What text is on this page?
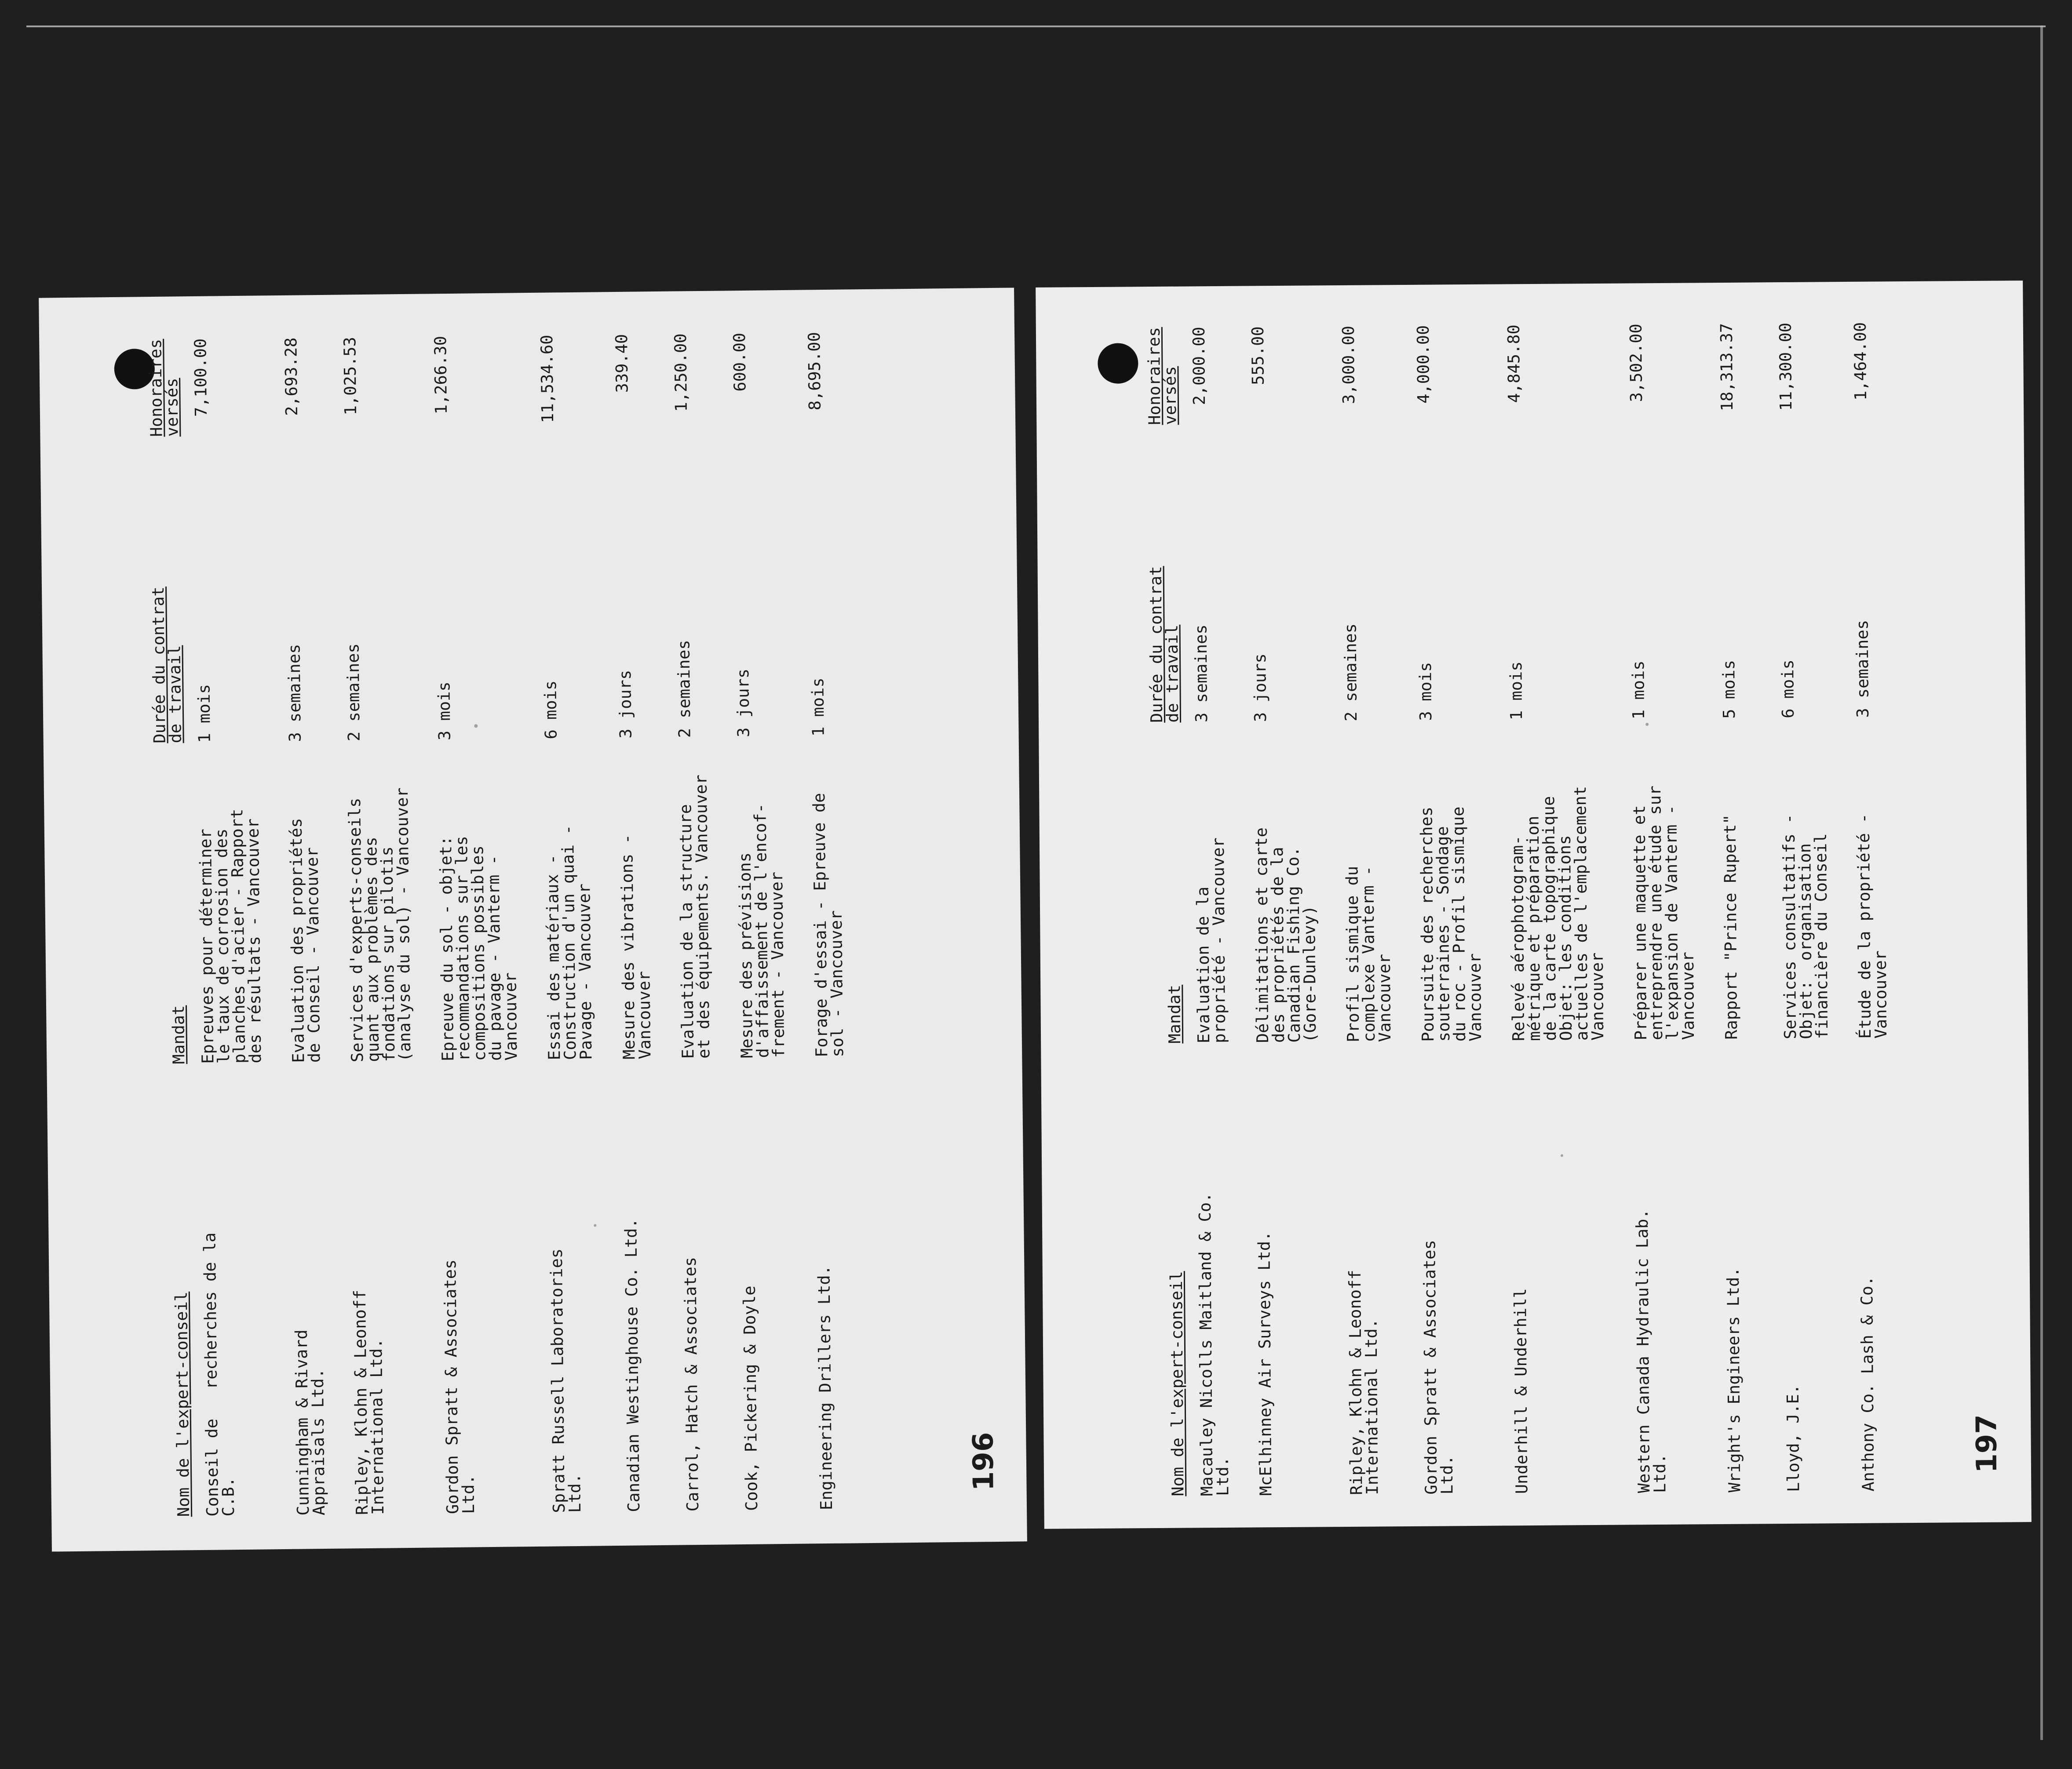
Nom de l'expert-conseil
Mandat
Durée du contrat
de travail
Honoraires
versés
Conseil de   recherches de la
C.B.
Epreuves pour déterminer
le taux de corrosion des
planches d'acier - Rapport
des résultats - Vancouver
1 mois
7,100.00
Cunningham & Rivard
Appraisals Ltd.
Evaluation des propriétés
de Conseil - Vancouver
3 semaines
2,693.28
Ripley, Klohn & Leonoff
International Ltd.
Services d'experts-conseils
quant aux problèmes des
fondations sur pilotis
(analyse du sol) - Vancouver
2 semaines
1,025.53
Gordon Spratt & Associates
Ltd.
Epreuve du sol - objet:
recommandations sur les
compositions possibles
du pavage - Vanterm -
Vancouver
3 mois
1,266.30
Spratt Russell Laboratories
Ltd.
Essai des matériaux -
Construction d'un quai -
Pavage - Vancouver
6 mois
11,534.60
Canadian Westinghouse Co. Ltd.
Mesure des vibrations -
Vancouver
3 jours
339.40
Carrol, Hatch & Associates
Evaluation de la structure
et des équipements. Vancouver
2 semaines
1,250.00
Cook, Pickering & Doyle
Mesure des prévisions
d'affaissement de l'encof-
frement - Vancouver
3 jours
600.00
Engineering Drillers Ltd.
Forage d'essai - Epreuve de
sol - Vancouver
1 mois
8,695.00
196	Nom de l'expert-conseil
Mandat
Durée du contrat
de travail
Honoraires
versés
Macauley Nicolls Maitland & Co.
Ltd.
Evaluation de la
propriété - Vancouver
3 semaines
2,000.00
McElhinney Air Surveys Ltd.
Délimitations et carte
des propriétés de la
Canadian Fishing Co.
(Gore-Dunlevy)
3 jours
555.00
Ripley, Klohn & Leonoff
International Ltd.
Profil sismique du
complexe Vanterm -
Vancouver
2 semaines
3,000.00
Gordon Spratt & Associates
Ltd.
Poursuite des recherches
souterraines - Sondage
du roc - Profil sismique
Vancouver
3 mois
4,000.00
Underhill & Underhill
Relevé aérophotogram-
métrique et préparation
de la carte topographique
Objet: les conditions
actuelles de l'emplacement
Vancouver
1 mois
4,845.80
Western Canada Hydraulic Lab.
Ltd.
Préparer une maquette et
entreprendre une étude sur
l'expansion de Vanterm -
Vancouver
1 mois
3,502.00
Wright's Engineers Ltd.
Rapport "Prince Rupert"
5 mois
18,313.37
Lloyd, J.E.
Services consultatifs -
Objet:  organisation
financière du Conseil
6 mois
11,300.00
Anthony Co. Lash & Co.
Étude de la propriété -
Vancouver
3 semaines
1,464.00
197
